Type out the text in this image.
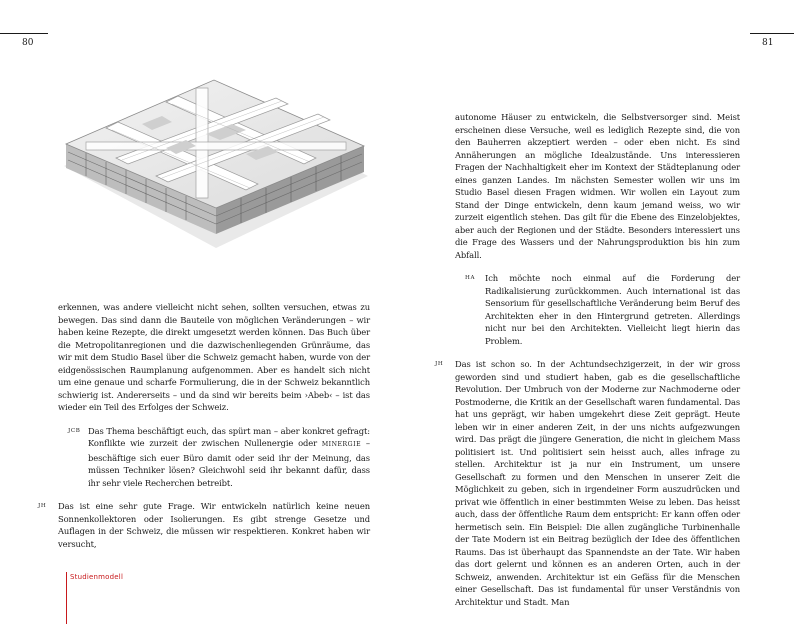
80	81

erkennen, was andere vielleicht nicht sehen, sollten versuchen, etwas zu bewegen. Das sind dann die Bauteile von möglichen Veränderungen – wir haben keine Rezepte, die direkt umgesetzt werden können. Das Buch über die Metropolitanregionen und die dazwischenliegenden Grünräume, das wir mit dem Studio Basel über die Schweiz gemacht haben, wurde von der eidgenössischen Raumplanung aufgenommen. Aber es handelt sich nicht um eine genaue und scharfe Formulierung, die in der Schweiz bekanntlich schwierig ist. Andererseits – und da sind wir bereits beim ›Abeb‹ – ist das wieder ein Teil des Erfolges der Schweiz.

JCB Das Thema beschäftigt euch, das spürt man – aber konkret gefragt: Konflikte wie zurzeit der zwischen Nullenergie oder MINERGIE – beschäftige sich euer Büro damit oder seid ihr der Meinung, das müssen Techniker lösen? Gleichwohl seid ihr bekannt dafür, dass ihr sehr viele Recherchen betreibt.

JH Das ist eine sehr gute Frage. Wir entwickeln natürlich keine neuen Sonnenkollektoren oder Isolierungen. Es gibt strenge Gesetze und Auflagen in der Schweiz, die müssen wir respektieren. Konkret haben wir versucht,

Studienmodell

autonome Häuser zu entwickeln, die Selbstversorger sind. Meist erscheinen diese Versuche, weil es lediglich Rezepte sind, die von den Bauherren akzeptiert werden – oder eben nicht. Es sind Annäherungen an mögliche Idealzustände. Uns interessieren Fragen der Nachhaltigkeit eher im Kontext der Städteplanung oder eines ganzen Landes. Im nächsten Semester wollen wir uns im Studio Basel diesen Fragen widmen. Wir wollen ein Layout zum Stand der Dinge entwickeln, denn kaum jemand weiss, wo wir zurzeit eigentlich stehen. Das gilt für die Ebene des Einzelobjektes, aber auch der Regionen und der Städte. Besonders interessiert uns die Frage des Wassers und der Nahrungsproduktion bis hin zum Abfall.

HA Ich möchte noch einmal auf die Forderung der Radikalisierung zurückkommen. Auch international ist das Sensorium für gesellschaftliche Veränderung beim Beruf des Architekten eher in den Hintergrund getreten. Allerdings nicht nur bei den Architekten. Vielleicht liegt hierin das Problem.

JH Das ist schon so. In der Achtundsechzigerzeit, in der wir gross geworden sind und studiert haben, gab es die gesellschaftliche Revolution. Der Umbruch von der Moderne zur Nachmoderne oder Postmoderne, die Kritik an der Gesellschaft waren fundamental. Das hat uns geprägt, wir haben umgekehrt diese Zeit geprägt. Heute leben wir in einer anderen Zeit, in der uns nichts aufgezwungen wird. Das prägt die jüngere Generation, die nicht in gleichem Mass politisiert ist. Und politisiert sein heisst auch, alles infrage zu stellen. Architektur ist ja nur ein Instrument, um unsere Gesellschaft zu formen und den Menschen in unserer Zeit die Möglichkeit zu geben, sich in irgendeiner Form auszudrücken und privat wie öffentlich in einer bestimmten Weise zu leben. Das heisst auch, dass der öffentliche Raum dem entspricht: Er kann offen oder hermetisch sein. Ein Beispiel: Die allen zugängliche Turbinenhalle der Tate Modern ist ein Beitrag bezüglich der Idee des öffentlichen Raums. Das ist überhaupt das Spannendste an der Tate. Wir haben das dort gelernt und können es an anderen Orten, auch in der Schweiz, anwenden. Architektur ist ein Gefäss für die Menschen einer Gesellschaft. Das ist fundamental für unser Verständnis von Architektur und Stadt. Man
